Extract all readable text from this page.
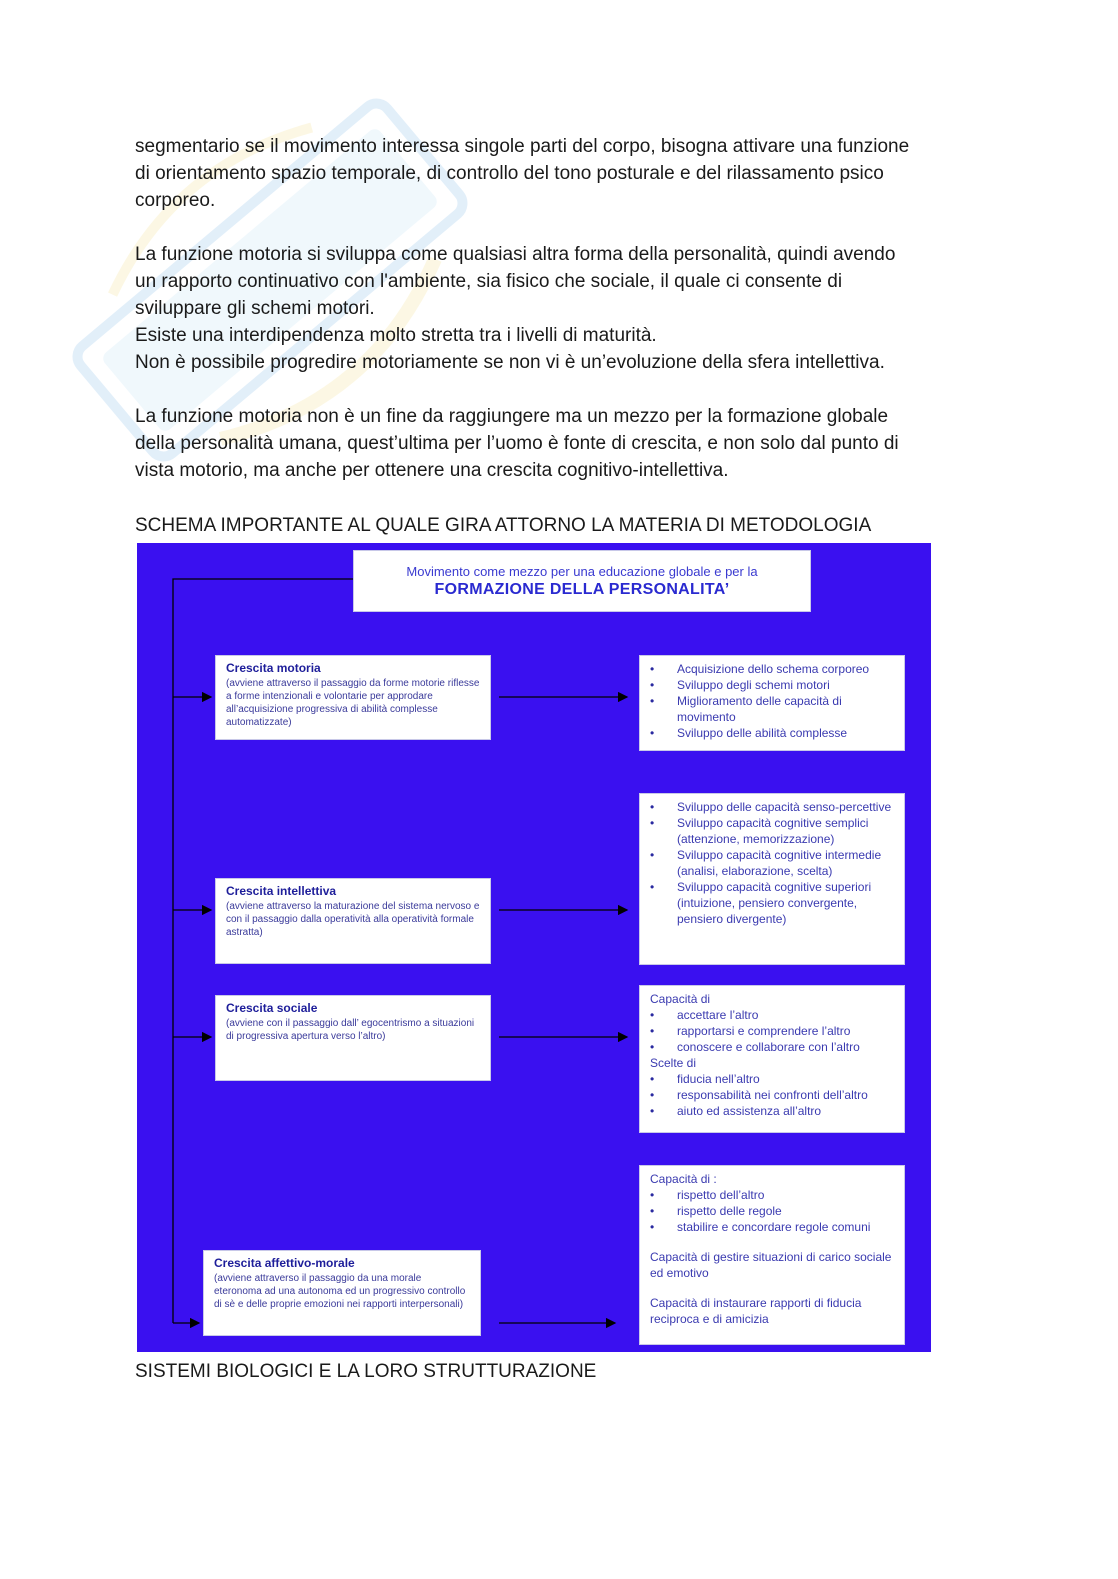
segmentario se il movimento interessa singole parti del corpo, bisogna attivare una funzione

di orientamento spazio temporale, di controllo del tono posturale e del rilassamento psico

corporeo.

La funzione motoria si sviluppa come qualsiasi altra forma della personalità, quindi avendo

un rapporto continuativo con l'ambiente, sia fisico che sociale, il quale ci consente di

sviluppare gli schemi motori.

Esiste una interdipendenza molto stretta tra i livelli di maturità.

Non è possibile progredire motoriamente se non vi è un’evoluzione della sfera intellettiva.

La funzione motoria non è un fine da raggiungere ma un mezzo per la formazione globale

della personalità umana, quest’ultima per l’uomo è fonte di crescita, e non solo dal punto di

vista motorio, ma anche per ottenere una crescita cognitivo-intellettiva.

SCHEMA IMPORTANTE AL QUALE GIRA ATTORNO LA MATERIA DI METODOLOGIA
Movimento come mezzo per una educazione globale e per la
FORMAZIONE DELLA PERSONALITA’
Crescita motoria
(avviene attraverso il passaggio da forme motorie riflesse a forme intenzionali e volontarie per approdare all’acquisizione progressiva di abilità complesse automatizzate)
• Acquisizione dello schema corporeo
• Sviluppo degli schemi motori
• Miglioramento delle capacità di movimento
• Sviluppo delle abilità complesse
Crescita intellettiva
(avviene attraverso la maturazione del sistema nervoso e con il passaggio dalla operatività alla operatività formale astratta)
• Sviluppo delle capacità senso-percettive
• Sviluppo capacità cognitive semplici (attenzione, memorizzazione)
• Sviluppo capacità cognitive intermedie (analisi, elaborazione, scelta)
• Sviluppo capacità cognitive superiori (intuizione, pensiero convergente, pensiero divergente)
Crescita sociale
(avviene con il passaggio dall’ egocentrismo a situazioni di progressiva apertura verso l’altro)

Capacità di

• accettare l’altro
• rapportarsi e comprendere l’altro
• conoscere e collaborare con l’altro

Scelte di

• fiducia nell’altro
• responsabilità nei confronti dell’altro
• aiuto ed assistenza all’altro
Crescita affettivo-morale
(avviene attraverso il passaggio da una morale eteronoma ad una autonoma ed un progressivo controllo di sè e delle proprie emozioni nei rapporti interpersonali)

Capacità di :

• rispetto dell’altro
• rispetto delle regole
• stabilire e concordare regole comuni

Capacità di gestire situazioni di carico sociale ed emotivo

Capacità di instaurare rapporti di fiducia reciproca e di amicizia

SISTEMI BIOLOGICI E LA LORO STRUTTURAZIONE
